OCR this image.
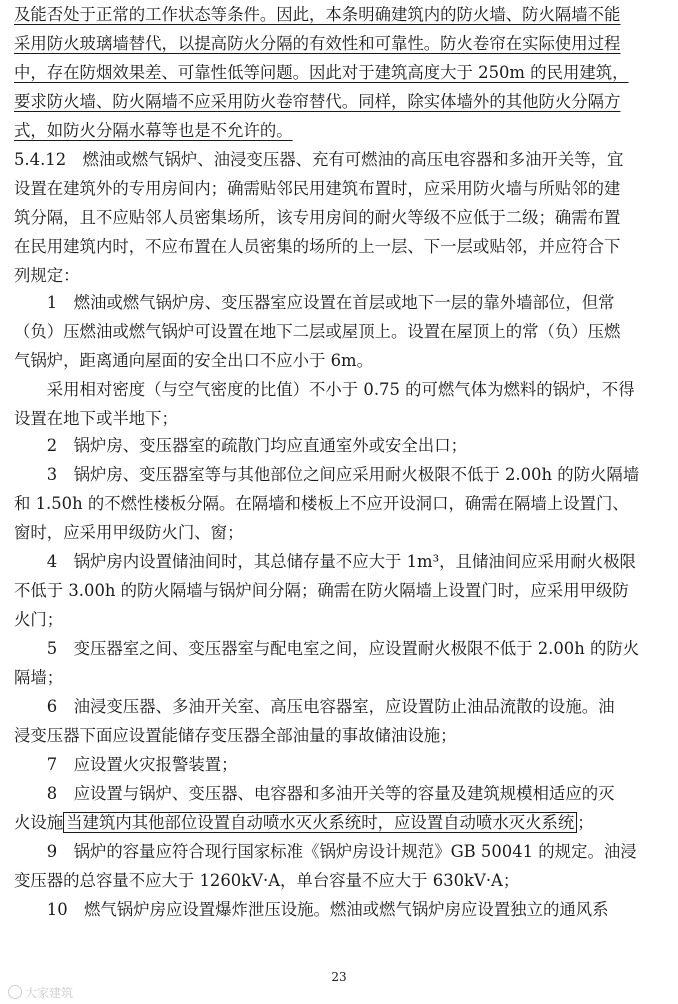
及能否处于正常的工作状态等条件。因此，本条明确建筑内的防火墙、防火隔墙不能
采用防火玻璃墙替代，以提高防火分隔的有效性和可靠性。防火卷帘在实际使用过程
中，存在防烟效果差、可靠性低等问题。因此对于建筑高度大于 250m 的民用建筑，
要求防火墙、防火隔墙不应采用防火卷帘替代。同样，除实体墙外的其他防火分隔方
式，如防火分隔水幕等也是不允许的。
5.4.12　燃油或燃气锅炉、油浸变压器、充有可燃油的高压电容器和多油开关等，宜
设置在建筑外的专用房间内；确需贴邻民用建筑布置时，应采用防火墙与所贴邻的建
筑分隔，且不应贴邻人员密集场所，该专用房间的耐火等级不应低于二级；确需布置
在民用建筑内时，不应布置在人员密集的场所的上一层、下一层或贴邻，并应符合下
列规定：
　　1　燃油或燃气锅炉房、变压器室应设置在首层或地下一层的靠外墙部位，但常
（负）压燃油或燃气锅炉可设置在地下二层或屋顶上。设置在屋顶上的常（负）压燃
气锅炉，距离通向屋面的安全出口不应小于 6m。
　　采用相对密度（与空气密度的比值）不小于 0.75 的可燃气体为燃料的锅炉，不得
设置在地下或半地下；
　　2　锅炉房、变压器室的疏散门均应直通室外或安全出口；
　　3　锅炉房、变压器室等与其他部位之间应采用耐火极限不低于 2.00h 的防火隔墙
和 1.50h 的不燃性楼板分隔。在隔墙和楼板上不应开设洞口，确需在隔墙上设置门、
窗时，应采用甲级防火门、窗；
　　4　锅炉房内设置储油间时，其总储存量不应大于 1m³，且储油间应采用耐火极限
不低于 3.00h 的防火隔墙与锅炉间分隔；确需在防火隔墙上设置门时，应采用甲级防
火门；
　　5　变压器室之间、变压器室与配电室之间，应设置耐火极限不低于 2.00h 的防火
隔墙；
　　6　油浸变压器、多油开关室、高压电容器室，应设置防止油品流散的设施。油
浸变压器下面应设置能储存变压器全部油量的事故储油设施；
　　7　应设置火灾报警装置；
　　8　应设置与锅炉、变压器、电容器和多油开关等的容量及建筑规模相适应的灭
火设施 当建筑内其他部位设置自动喷水灭火系统时，应设置自动喷水灭火系统 ；
　　9　锅炉的容量应符合现行国家标准《锅炉房设计规范》GB 50041 的规定。油浸
变压器的总容量不应大于 1260kV·A，单台容量不应大于 630kV·A；
　　10　燃气锅炉房应设置爆炸泄压设施。燃油或燃气锅炉房应设置独立的通风系
23
大家建筑
